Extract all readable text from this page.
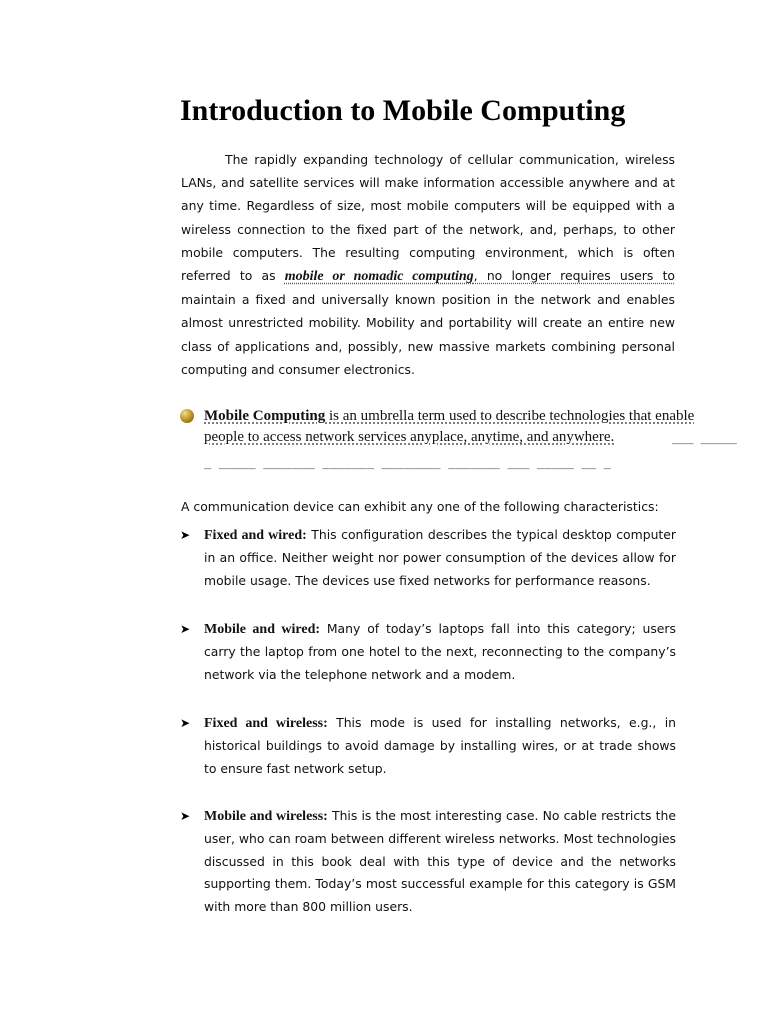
Introduction to Mobile Computing
The rapidly expanding technology of cellular communication, wireless LANs, and satellite services will make information accessible anywhere and at any time. Regardless of size, most mobile computers will be equipped with a wireless connection to the fixed part of the network, and, perhaps, to other mobile computers. The resulting computing environment, which is often referred to as mobile or nomadic computing, no longer requires users to maintain a fixed and universally known position in the network and enables almost unrestricted mobility. Mobility and portability will create an entire new class of applications and, possibly, new massive markets combining personal computing and consumer electronics.
Mobile Computing is an umbrella term used to describe technologies that enable people to access network services anyplace, anytime, and anywhere.	___ _____
_ _____ _______ _______ ________ _______ ___ _____ __ _
A communication device can exhibit any one of the following characteristics:
➤ Fixed and wired: This configuration describes the typical desktop computer in an office. Neither weight nor power consumption of the devices allow for mobile usage. The devices use fixed networks for performance reasons.
➤ Mobile and wired: Many of today’s laptops fall into this category; users carry the laptop from one hotel to the next, reconnecting to the company’s network via the telephone network and a modem.
➤ Fixed and wireless: This mode is used for installing networks, e.g., in historical buildings to avoid damage by installing wires, or at trade shows to ensure fast network setup.
➤ Mobile and wireless: This is the most interesting case. No cable restricts the user, who can roam between different wireless networks. Most technologies discussed in this book deal with this type of device and the networks supporting them. Today’s most successful example for this category is GSM with more than 800 million users.
